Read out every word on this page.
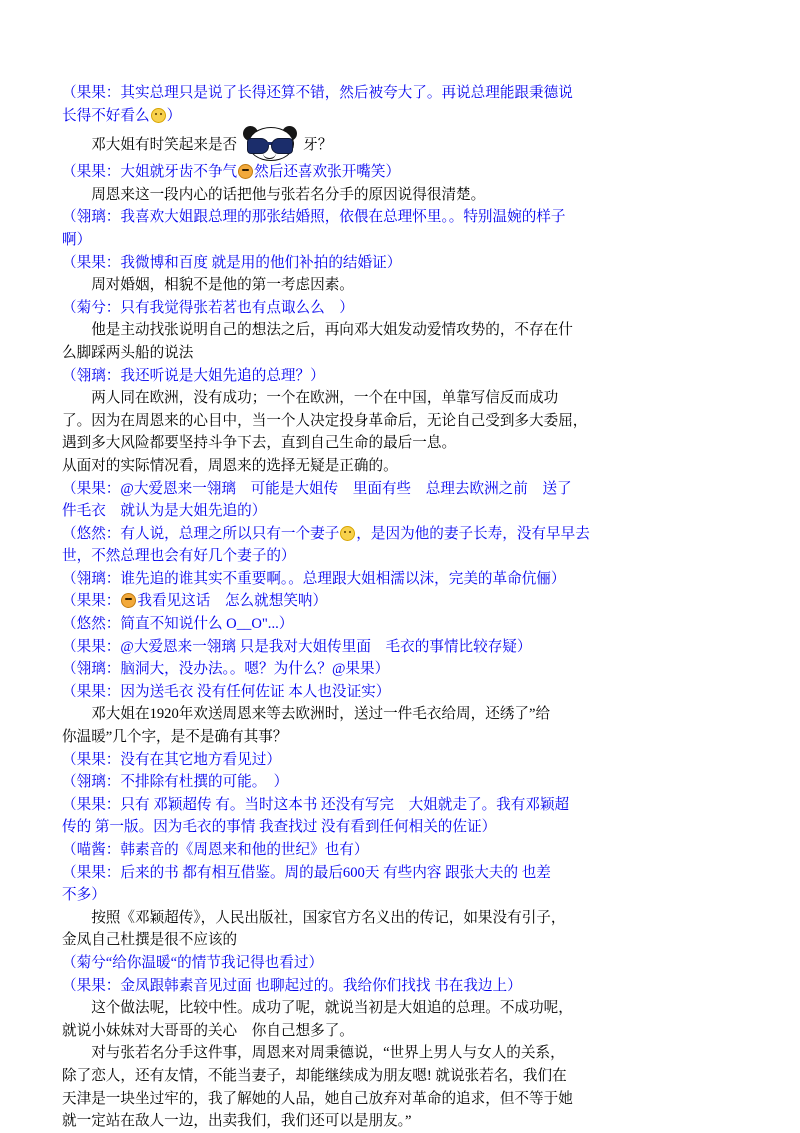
（果果：其实总理只是说了长得还算不错，然后被夸大了。再说总理能跟秉德说

长得不好看么 ）

邓大姐有时笑起来是否	牙？

（果果：大姐就牙齿不争气 然后还喜欢张开嘴笑）

周恩来这一段内心的话把他与张若名分手的原因说得很清楚。

（翎璃：我喜欢大姐跟总理的那张结婚照，依偎在总理怀里。。特别温婉的样子

啊）

（果果：我微博和百度 就是用的他们补拍的结婚证）

周对婚姻，相貌不是他的第一考虑因素。

（菊兮：只有我觉得张若茗也有点诹么么　）

他是主动找张说明自己的想法之后，再向邓大姐发动爱情攻势的，不存在什

么脚踩两头船的说法

（翎璃：我还听说是大姐先追的总理？）

两人同在欧洲，没有成功；一个在欧洲，一个在中国，单靠写信反而成功

了。因为在周恩来的心目中，当一个人决定投身革命后，无论自己受到多大委屈，

遇到多大风险都要坚持斗争下去，直到自己生命的最后一息。

从面对的实际情况看，周恩来的选择无疑是正确的。

（果果：@大爱恩来一翎璃　可能是大姐传　里面有些　总理去欧洲之前　送了

件毛衣　就认为是大姐先追的）

（悠然：有人说，总理之所以只有一个妻子 ，是因为他的妻子长寿，没有早早去

世，不然总理也会有好几个妻子的）

（翎璃：谁先追的谁其实不重要啊。。总理跟大姐相濡以沫，完美的革命伉俪）

（果果： 我看见这话　怎么就想笑呐）

（悠然：简直不知说什么 O__O"...）

（果果：@大爱恩来一翎璃 只是我对大姐传里面　毛衣的事情比较存疑）

（翎璃：脑洞大，没办法。。嗯？为什么？@果果）

（果果：因为送毛衣 没有任何佐证 本人也没证实）

邓大姐在1920年欢送周恩来等去欧洲时，送过一件毛衣给周，还绣了”给

你温暖”几个字，是不是确有其事？

（果果：没有在其它地方看见过）

（翎璃：不排除有杜撰的可能。　）

（果果：只有 邓颖超传 有。当时这本书 还没有写完　大姐就走了。我有邓颖超

传的 第一版。因为毛衣的事情 我查找过 没有看到任何相关的佐证）

（喵酱：韩素音的《周恩来和他的世纪》也有）

（果果：后来的书 都有相互借鉴。周的最后600天 有些内容 跟张大夫的 也差

不多）

按照《邓颖超传》，人民出版社，国家官方名义出的传记，如果没有引子，

金凤自己杜撰是很不应该的

（菊兮“给你温暖“的情节我记得也看过）

（果果：金凤跟韩素音见过面 也聊起过的。我给你们找找 书在我边上）

这个做法呢，比较中性。成功了呢，就说当初是大姐追的总理。不成功呢，

就说小妹妹对大哥哥的关心　你自己想多了。

对与张若名分手这件事，周恩来对周秉德说，“世界上男人与女人的关系，

除了恋人，还有友情，不能当妻子，却能继续成为朋友嗯! 就说张若名，我们在

天津是一块坐过牢的，我了解她的人品，她自己放弃对革命的追求，但不等于她

就一定站在敌人一边，出卖我们，我们还可以是朋友。”
